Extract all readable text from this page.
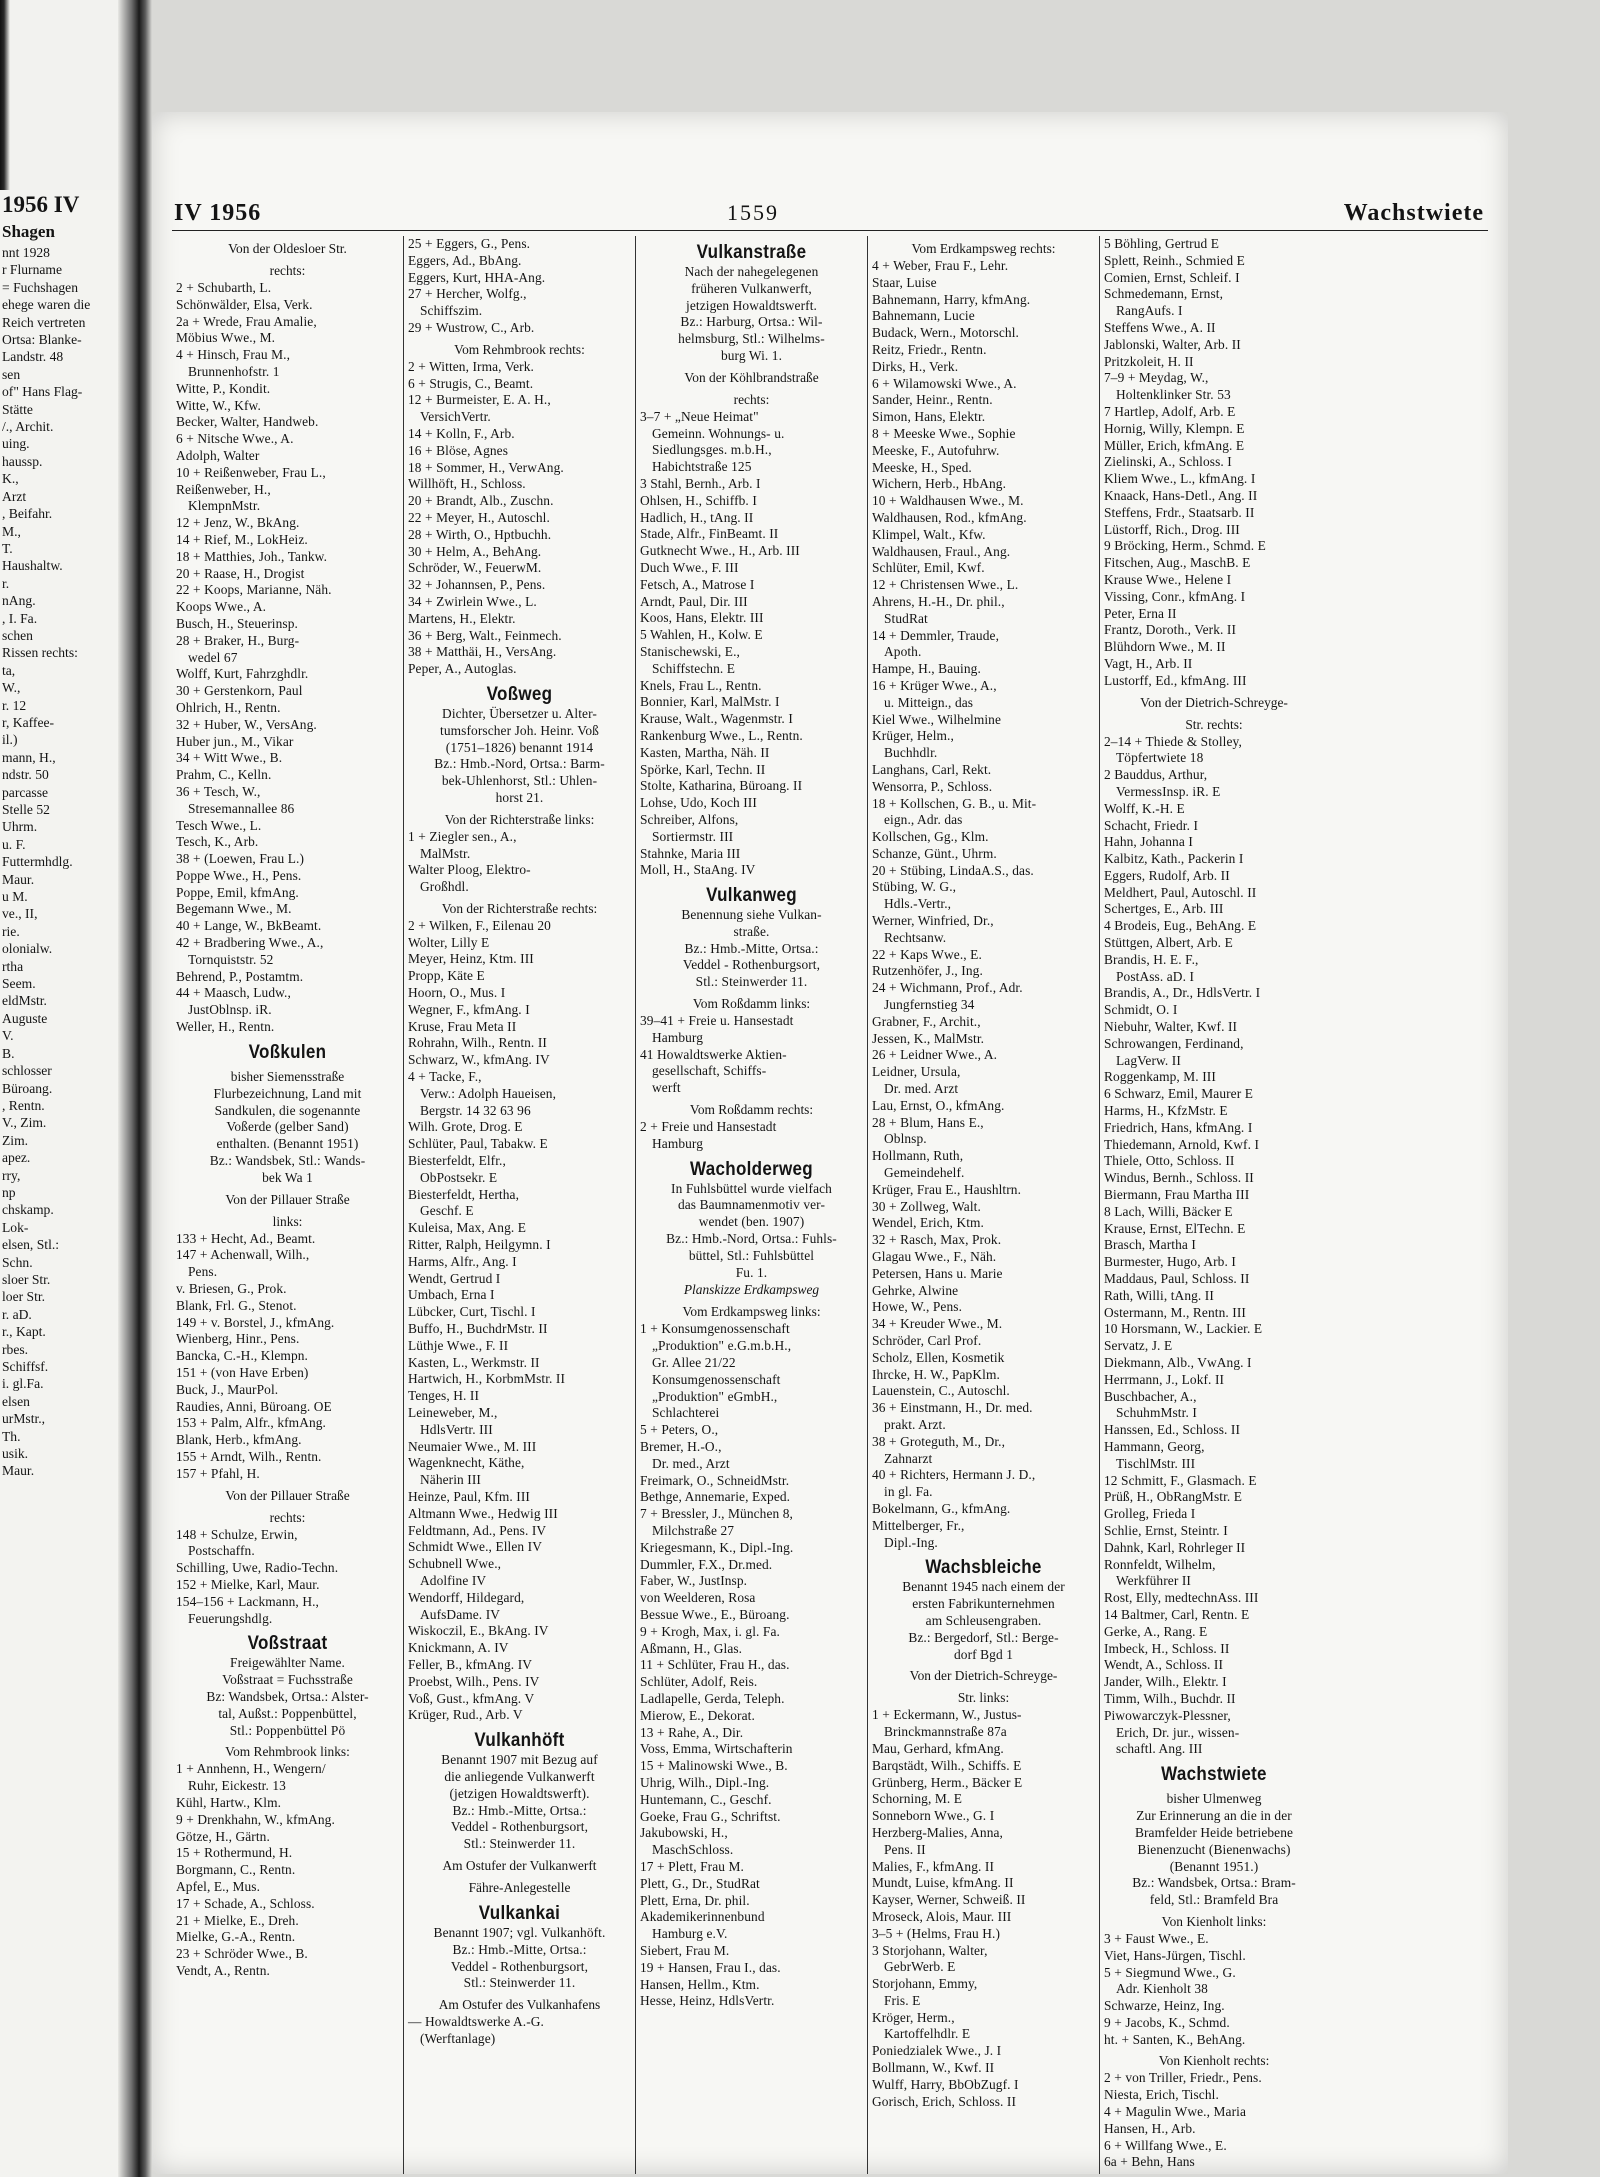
1956 IV
Shagen
nnt 1928
r Flurname
= Fuchshagen
ehege waren die
Reich vertreten
Ortsa: Blanke-
Landstr. 48
sen
of" Hans Flag-
Stätte
/., Archit.
uing.
haussp.
K.,
Arzt
, Beifahr.
M.,
T.
Haushaltw.
r.
nAng.
, I. Fa.
schen
Rissen rechts:
ta,
W.,
r. 12
r, Kaffee-
il.)
mann, H.,
ndstr. 50
parcasse
Stelle 52
Uhrm.
u. F.
Futtermhdlg.
Maur.
u M.
ve., II,
rie.
olonialw.
rtha
Seem.
eldMstr.
Auguste
V.
B.
schlosser
Büroang.
, Rentn.
V., Zim.
Zim.
apez.
rry,
np
chskamp.
Lok-
elsen, Stl.:
Schn.
sloer Str.
loer Str.
r. aD.
r., Kapt.
rbes.
Schiffsf.
i. gl.Fa.
elsen
urMstr.,
Th.
usik.
Maur.
IV 1956	1559	Wachstwiete
Von der Oldesloer Str.
rechts:
2 + Schubarth, L.
Schönwälder, Elsa, Verk.
2a + Wrede, Frau Amalie,
Möbius Wwe., M.
4 + Hinsch, Frau M.,
Brunnenhofstr. 1
Witte, P., Kondit.
Witte, W., Kfw.
Becker, Walter, Handweb.
6 + Nitsche Wwe., A.
Adolph, Walter
10 + Reißenweber, Frau L.,
Reißenweber, H.,
KlempnMstr.
12 + Jenz, W., BkAng.
14 + Rief, M., LokHeiz.
18 + Matthies, Joh., Tankw.
20 + Raase, H., Drogist
22 + Koops, Marianne, Näh.
Koops Wwe., A.
Busch, H., Steuerinsp.
28 + Braker, H., Burg-
wedel 67
Wolff, Kurt, Fahrzghdlr.
30 + Gerstenkorn, Paul
Ohlrich, H., Rentn.
32 + Huber, W., VersAng.
Huber jun., M., Vikar
34 + Witt Wwe., B.
Prahm, C., Kelln.
36 + Tesch, W.,
Stresemannallee 86
Tesch Wwe., L.
Tesch, K., Arb.
38 + (Loewen, Frau L.)
Poppe Wwe., H., Pens.
Poppe, Emil, kfmAng.
Begemann Wwe., M.
40 + Lange, W., BkBeamt.
42 + Bradbering Wwe., A.,
Tornquiststr. 52
Behrend, P., Postamtm.
44 + Maasch, Ludw.,
JustOblnsp. iR.
Weller, H., Rentn.
Voßkulen
bisher Siemensstraße
Flurbezeichnung, Land mit
Sandkulen, die sogenannte
Voßerde (gelber Sand)
enthalten. (Benannt 1951)
Bz.: Wandsbek, Stl.: Wands-
bek Wa 1
Von der Pillauer Straße
links:
133 + Hecht, Ad., Beamt.
147 + Achenwall, Wilh.,
Pens.
v. Briesen, G., Prok.
Blank, Frl. G., Stenot.
149 + v. Borstel, J., kfmAng.
Wienberg, Hinr., Pens.
Bancka, C.-H., Klempn.
151 + (von Have Erben)
Buck, J., MaurPol.
Raudies, Anni, Büroang. OE
153 + Palm, Alfr., kfmAng.
Blank, Herb., kfmAng.
155 + Arndt, Wilh., Rentn.
157 + Pfahl, H.
Von der Pillauer Straße
rechts:
148 + Schulze, Erwin,
Postschaffn.
Schilling, Uwe, Radio-Techn.
152 + Mielke, Karl, Maur.
154–156 + Lackmann, H.,
Feuerungshdlg.
Voßstraat
Freigewählter Name.
Voßstraat = Fuchsstraße
Bz: Wandsbek, Ortsa.: Alster-
tal, Außst.: Poppenbüttel,
Stl.: Poppenbüttel Pö
Vom Rehmbrook links:
1 + Annhenn, H., Wengern/
Ruhr, Eickestr. 13
Kühl, Hartw., Klm.
9 + Drenkhahn, W., kfmAng.
Götze, H., Gärtn.
15 + Rothermund, H.
Borgmann, C., Rentn.
Apfel, E., Mus.
17 + Schade, A., Schloss.
21 + Mielke, E., Dreh.
Mielke, G.-A., Rentn.
23 + Schröder Wwe., B.
Vendt, A., Rentn.
25 + Eggers, G., Pens.
Eggers, Ad., BbAng.
Eggers, Kurt, HHA-Ang.
27 + Hercher, Wolfg.,
Schiffszim.
29 + Wustrow, C., Arb.
Vom Rehmbrook rechts:
2 + Witten, Irma, Verk.
6 + Strugis, C., Beamt.
12 + Burmeister, E. A. H.,
VersichVertr.
14 + Kolln, F., Arb.
16 + Blöse, Agnes
18 + Sommer, H., VerwAng.
Willhöft, H., Schloss.
20 + Brandt, Alb., Zuschn.
22 + Meyer, H., Autoschl.
28 + Wirth, O., Hptbuchh.
30 + Helm, A., BehAng.
Schröder, W., FeuerwM.
32 + Johannsen, P., Pens.
34 + Zwirlein Wwe., L.
Martens, H., Elektr.
36 + Berg, Walt., Feinmech.
38 + Matthäi, H., VersAng.
Peper, A., Autoglas.
Voßweg
Dichter, Übersetzer u. Alter-
tumsforscher Joh. Heinr. Voß
(1751–1826) benannt 1914
Bz.: Hmb.-Nord, Ortsa.: Barm-
bek-Uhlenhorst, Stl.: Uhlen-
horst 21.
Von der Richterstraße links:
1 + Ziegler sen., A.,
MalMstr.
Walter Ploog, Elektro-
Großhdl.
Von der Richterstraße rechts:
2 + Wilken, F., Eilenau 20
Wolter, Lilly E
Meyer, Heinz, Ktm. III
Propp, Käte E
Hoorn, O., Mus. I
Wegner, F., kfmAng. I
Kruse, Frau Meta II
Rohrahn, Wilh., Rentn. II
Schwarz, W., kfmAng. IV
4 + Tacke, F.,
Verw.: Adolph Haueisen,
Bergstr. 14 32 63 96
Wilh. Grote, Drog. E
Schlüter, Paul, Tabakw. E
Biesterfeldt, Elfr.,
ObPostsekr. E
Biesterfeldt, Hertha,
Geschf. E
Kuleisa, Max, Ang. E
Ritter, Ralph, Heilgymn. I
Harms, Alfr., Ang. I
Wendt, Gertrud I
Umbach, Erna I
Lübcker, Curt, Tischl. I
Buffo, H., BuchdrMstr. II
Lüthje Wwe., F. II
Kasten, L., Werkmstr. II
Hartwich, H., KorbmMstr. II
Tenges, H. II
Leineweber, M.,
HdlsVertr. III
Neumaier Wwe., M. III
Wagenknecht, Käthe,
Näherin III
Heinze, Paul, Kfm. III
Altmann Wwe., Hedwig III
Feldtmann, Ad., Pens. IV
Schmidt Wwe., Ellen IV
Schubnell Wwe.,
Adolfine IV
Wendorff, Hildegard,
AufsDame. IV
Wiskoczil, E., BkAng. IV
Knickmann, A. IV
Feller, B., kfmAng. IV
Proebst, Wilh., Pens. IV
Voß, Gust., kfmAng. V
Krüger, Rud., Arb. V
Vulkanhöft
Benannt 1907 mit Bezug auf
die anliegende Vulkanwerft
(jetzigen Howaldtswerft).
Bz.: Hmb.-Mitte, Ortsa.:
Veddel - Rothenburgsort,
Stl.: Steinwerder 11.
Am Ostufer der Vulkanwerft
Fähre-Anlegestelle
Vulkankai
Benannt 1907; vgl. Vulkanhöft.
Bz.: Hmb.-Mitte, Ortsa.:
Veddel - Rothenburgsort,
Stl.: Steinwerder 11.
Am Ostufer des Vulkanhafens
— Howaldtswerke A.-G.
(Werftanlage)
Vulkanstraße
Nach der nahegelegenen
früheren Vulkanwerft,
jetzigen Howaldtswerft.
Bz.: Harburg, Ortsa.: Wil-
helmsburg, Stl.: Wilhelms-
burg Wi. 1.
Von der Köhlbrandstraße
rechts:
3–7 + „Neue Heimat"
Gemeinn. Wohnungs- u.
Siedlungsges. m.b.H.,
Habichtstraße 125
3 Stahl, Bernh., Arb. I
Ohlsen, H., Schiffb. I
Hadlich, H., tAng. II
Stade, Alfr., FinBeamt. II
Gutknecht Wwe., H., Arb. III
Duch Wwe., F. III
Fetsch, A., Matrose I
Arndt, Paul, Dir. III
Koos, Hans, Elektr. III
5 Wahlen, H., Kolw. E
Stanischewski, E.,
Schiffstechn. E
Knels, Frau L., Rentn.
Bonnier, Karl, MalMstr. I
Krause, Walt., Wagenmstr. I
Rankenburg Wwe., L., Rentn.
Kasten, Martha, Näh. II
Spörke, Karl, Techn. II
Stolte, Katharina, Büroang. II
Lohse, Udo, Koch III
Schreiber, Alfons,
Sortiermstr. III
Stahnke, Maria III
Moll, H., StaAng. IV
Vulkanweg
Benennung siehe Vulkan-
straße.
Bz.: Hmb.-Mitte, Ortsa.:
Veddel - Rothenburgsort,
Stl.: Steinwerder 11.
Vom Roßdamm links:
39–41 + Freie u. Hansestadt
Hamburg
41 Howaldtswerke Aktien-
gesellschaft, Schiffs-
werft
Vom Roßdamm rechts:
2 + Freie und Hansestadt
Hamburg
Wacholderweg
In Fuhlsbüttel wurde vielfach
das Baumnamenmotiv ver-
wendet (ben. 1907)
Bz.: Hmb.-Nord, Ortsa.: Fuhls-
büttel, Stl.: Fuhlsbüttel
Fu. 1.
Planskizze Erdkampsweg
Vom Erdkampsweg links:
1 + Konsumgenossenschaft
„Produktion" e.G.m.b.H.,
Gr. Allee 21/22
Konsumgenossenschaft
„Produktion" eGmbH.,
Schlachterei
5 + Peters, O.,
Bremer, H.-O.,
Dr. med., Arzt
Freimark, O., SchneidMstr.
Bethge, Annemarie, Exped.
7 + Bressler, J., München 8,
Milchstraße 27
Kriegesmann, K., Dipl.-Ing.
Dummler, F.X., Dr.med.
Faber, W., JustInsp.
von Weelderen, Rosa
Bessue Wwe., E., Büroang.
9 + Krogh, Max, i. gl. Fa.
Aßmann, H., Glas.
11 + Schlüter, Frau H., das.
Schlüter, Adolf, Reis.
Ladlapelle, Gerda, Teleph.
Mierow, E., Dekorat.
13 + Rahe, A., Dir.
Voss, Emma, Wirtschafterin
15 + Malinowski Wwe., B.
Uhrig, Wilh., Dipl.-Ing.
Huntemann, C., Geschf.
Goeke, Frau G., Schriftst.
Jakubowski, H.,
MaschSchloss.
17 + Plett, Frau M.
Plett, G., Dr., StudRat
Plett, Erna, Dr. phil.
Akademikerinnenbund
Hamburg e.V.
Siebert, Frau M.
19 + Hansen, Frau I., das.
Hansen, Hellm., Ktm.
Hesse, Heinz, HdlsVertr.
Vom Erdkampsweg rechts:
4 + Weber, Frau F., Lehr.
Staar, Luise
Bahnemann, Harry, kfmAng.
Bahnemann, Lucie
Budack, Wern., Motorschl.
Reitz, Friedr., Rentn.
Dirks, H., Verk.
6 + Wilamowski Wwe., A.
Sander, Heinr., Rentn.
Simon, Hans, Elektr.
8 + Meeske Wwe., Sophie
Meeske, F., Autofuhrw.
Meeske, H., Sped.
Wichern, Herb., HbAng.
10 + Waldhausen Wwe., M.
Waldhausen, Rod., kfmAng.
Klimpel, Walt., Kfw.
Waldhausen, Fraul., Ang.
Schlüter, Emil, Kwf.
12 + Christensen Wwe., L.
Ahrens, H.-H., Dr. phil.,
StudRat
14 + Demmler, Traude,
Apoth.
Hampe, H., Bauing.
16 + Krüger Wwe., A.,
u. Mitteign., das
Kiel Wwe., Wilhelmine
Krüger, Helm.,
Buchhdlr.
Langhans, Carl, Rekt.
Wensorra, P., Schloss.
18 + Kollschen, G. B., u. Mit-
eign., Adr. das
Kollschen, Gg., Klm.
Schanze, Günt., Uhrm.
20 + Stübing, LindaA.S., das.
Stübing, W. G.,
Hdls.-Vertr.,
Werner, Winfried, Dr.,
Rechtsanw.
22 + Kaps Wwe., E.
Rutzenhöfer, J., Ing.
24 + Wichmann, Prof., Adr.
Jungfernstieg 34
Grabner, F., Archit.,
Jessen, K., MalMstr.
26 + Leidner Wwe., A.
Leidner, Ursula,
Dr. med. Arzt
Lau, Ernst, O., kfmAng.
28 + Blum, Hans E.,
Oblnsp.
Hollmann, Ruth,
Gemeindehelf.
Krüger, Frau E., Haushltrn.
30 + Zollweg, Walt.
Wendel, Erich, Ktm.
32 + Rasch, Max, Prok.
Glagau Wwe., F., Näh.
Petersen, Hans u. Marie
Gehrke, Alwine
Howe, W., Pens.
34 + Kreuder Wwe., M.
Schröder, Carl Prof.
Scholz, Ellen, Kosmetik
Ihrcke, H. W., PapKlm.
Lauenstein, C., Autoschl.
36 + Einstmann, H., Dr. med.
prakt. Arzt.
38 + Groteguth, M., Dr.,
Zahnarzt
40 + Richters, Hermann J. D.,
in gl. Fa.
Bokelmann, G., kfmAng.
Mittelberger, Fr.,
Dipl.-Ing.
Wachsbleiche
Benannt 1945 nach einem der
ersten Fabrikunternehmen
am Schleusengraben.
Bz.: Bergedorf, Stl.: Berge-
dorf Bgd 1
Von der Dietrich-Schreyge-
Str. links:
1 + Eckermann, W., Justus-
Brinckmannstraße 87a
Mau, Gerhard, kfmAng.
Barqstädt, Wilh., Schiffs. E
Grünberg, Herm., Bäcker E
Schorning, M. E
Sonneborn Wwe., G. I
Herzberg-Malies, Anna,
Pens. II
Malies, F., kfmAng. II
Mundt, Luise, kfmAng. II
Kayser, Werner, Schweiß. II
Mroseck, Alois, Maur. III
3–5 + (Helms, Frau H.)
3 Storjohann, Walter,
GebrWerb. E
Storjohann, Emmy,
Fris. E
Kröger, Herm.,
Kartoffelhdlr. E
Poniedzialek Wwe., J. I
Bollmann, W., Kwf. II
Wulff, Harry, BbObZugf. I
Gorisch, Erich, Schloss. II
5 Böhling, Gertrud E
Splett, Reinh., Schmied E
Comien, Ernst, Schleif. I
Schmedemann, Ernst,
RangAufs. I
Steffens Wwe., A. II
Jablonski, Walter, Arb. II
Pritzkoleit, H. II
7–9 + Meydag, W.,
Holtenklinker Str. 53
7 Hartlep, Adolf, Arb. E
Hornig, Willy, Klempn. E
Müller, Erich, kfmAng. E
Zielinski, A., Schloss. I
Kliem Wwe., L., kfmAng. I
Knaack, Hans-Detl., Ang. II
Steffens, Frdr., Staatsarb. II
Lüstorff, Rich., Drog. III
9 Bröcking, Herm., Schmd. E
Fitschen, Aug., MaschB. E
Krause Wwe., Helene I
Vissing, Conr., kfmAng. I
Peter, Erna II
Frantz, Doroth., Verk. II
Blühdorn Wwe., M. II
Vagt, H., Arb. II
Lustorff, Ed., kfmAng. III
Von der Dietrich-Schreyge-
Str. rechts:
2–14 + Thiede & Stolley,
Töpfertwiete 18
2 Bauddus, Arthur,
VermessInsp. iR. E
Wolff, K.-H. E
Schacht, Friedr. I
Hahn, Johanna I
Kalbitz, Kath., Packerin I
Eggers, Rudolf, Arb. II
Meldhert, Paul, Autoschl. II
Schertges, E., Arb. III
4 Brodeis, Eug., BehAng. E
Stüttgen, Albert, Arb. E
Brandis, H. E. F.,
PostAss. aD. I
Brandis, A., Dr., HdlsVertr. I
Schmidt, O. I
Niebuhr, Walter, Kwf. II
Schrowangen, Ferdinand,
LagVerw. II
Roggenkamp, M. III
6 Schwarz, Emil, Maurer E
Harms, H., KfzMstr. E
Friedrich, Hans, kfmAng. I
Thiedemann, Arnold, Kwf. I
Thiele, Otto, Schloss. II
Windus, Bernh., Schloss. II
Biermann, Frau Martha III
8 Lach, Willi, Bäcker E
Krause, Ernst, ElTechn. E
Brasch, Martha I
Burmester, Hugo, Arb. I
Maddaus, Paul, Schloss. II
Rath, Willi, tAng. II
Ostermann, M., Rentn. III
10 Horsmann, W., Lackier. E
Servatz, J. E
Diekmann, Alb., VwAng. I
Herrmann, J., Lokf. II
Buschbacher, A.,
SchuhmMstr. I
Hanssen, Ed., Schloss. II
Hammann, Georg,
TischlMstr. III
12 Schmitt, F., Glasmach. E
Prüß, H., ObRangMstr. E
Grolleg, Frieda I
Schlie, Ernst, Steintr. I
Dahnk, Karl, Rohrleger II
Ronnfeldt, Wilhelm,
Werkführer II
Rost, Elly, medtechnAss. III
14 Baltmer, Carl, Rentn. E
Gerke, A., Rang. E
Imbeck, H., Schloss. II
Wendt, A., Schloss. II
Jander, Wilh., Elektr. I
Timm, Wilh., Buchdr. II
Piwowarczyk-Plessner,
Erich, Dr. jur., wissen-
schaftl. Ang. III
Wachstwiete
bisher Ulmenweg
Zur Erinnerung an die in der
Bramfelder Heide betriebene
Bienenzucht (Bienenwachs)
(Benannt 1951.)
Bz.: Wandsbek, Ortsa.: Bram-
feld, Stl.: Bramfeld Bra
Von Kienholt links:
3 + Faust Wwe., E.
Viet, Hans-Jürgen, Tischl.
5 + Siegmund Wwe., G.
Adr. Kienholt 38
Schwarze, Heinz, Ing.
9 + Jacobs, K., Schmd.
ht. + Santen, K., BehAng.
Von Kienholt rechts:
2 + von Triller, Friedr., Pens.
Niesta, Erich, Tischl.
4 + Magulin Wwe., Maria
Hansen, H., Arb.
6 + Willfang Wwe., E.
6a + Behn, Hans
